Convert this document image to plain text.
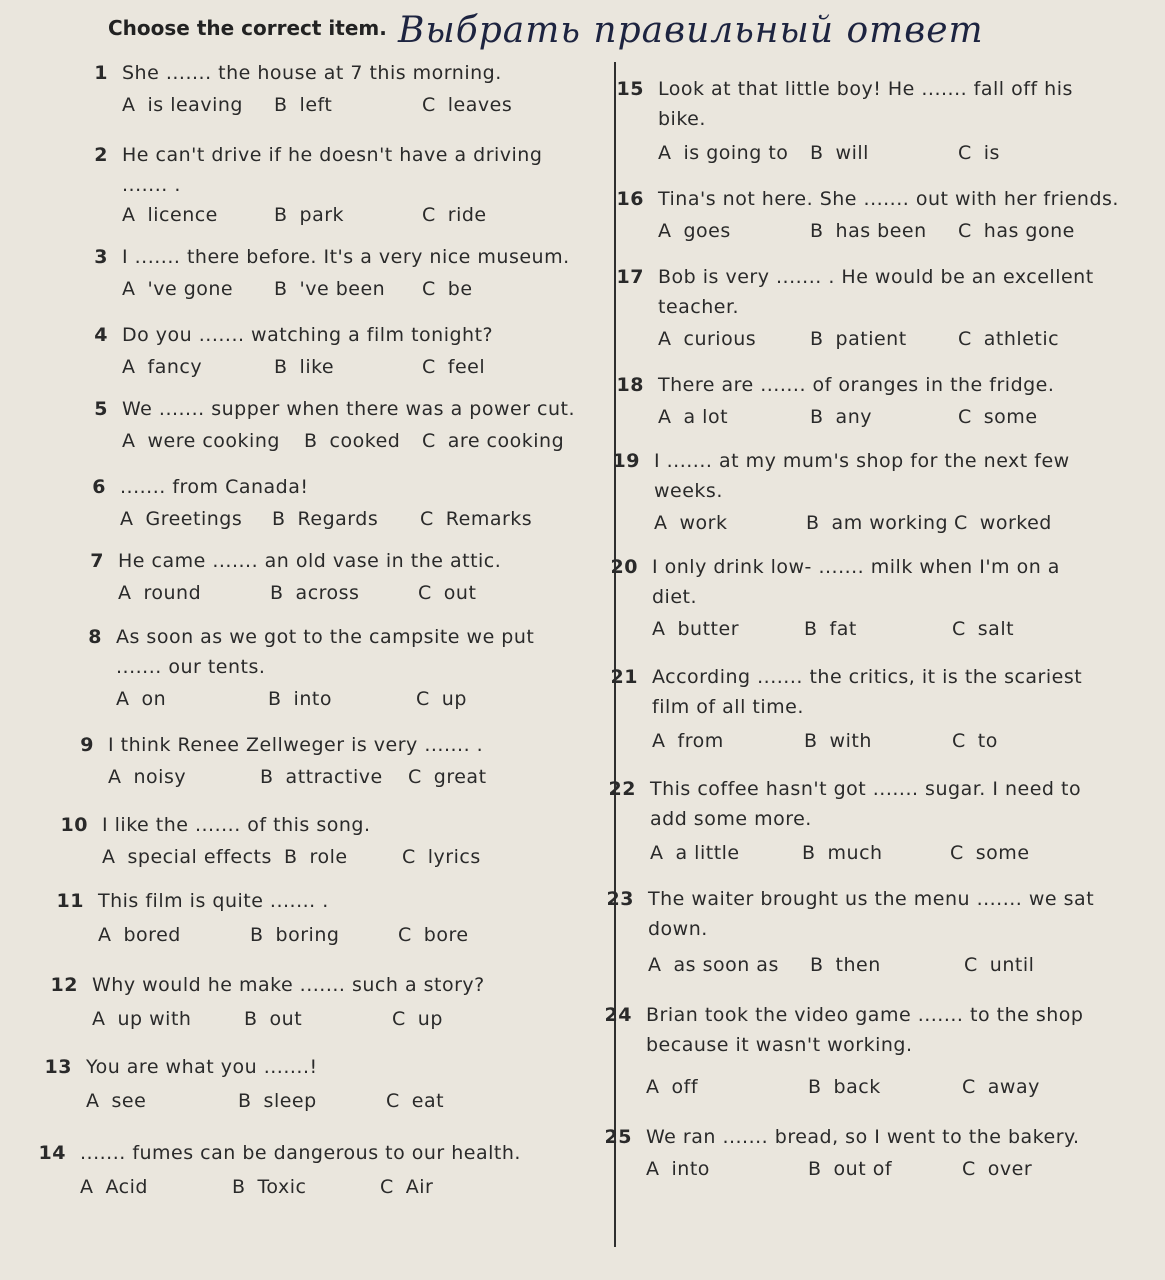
Choose the correct item. Выбрать правильный ответ
1 She ....... the house at 7 this morning.
A is leaving B left	C leaves
2 He can't drive if he doesn't have a driving
....... .
A licence	B park	C ride
3 I ....... there before. It's a very nice museum.
A 've gone B 've been C be
4 Do you ....... watching a film tonight?
A fancy	B like	C feel
5 We ....... supper when there was a power cut.
A were cooking B cooked C are cooking
6 ....... from Canada!
A Greetings B Regards C Remarks
7 He came ....... an old vase in the attic.
A round	B across	C out
8 As soon as we got to the campsite we put
....... our tents.
A on	B into	C up
9 I think Renee Zellweger is very ....... .
A noisy	B attractive C great
10 I like the ....... of this song.
A special effects B role	C lyrics
11 This film is quite ....... .
A bored	B boring	C bore
12 Why would he make ....... such a story?
A up with	B out	C up
13 You are what you .......!
A see	B sleep	C eat
14 ....... fumes can be dangerous to our health.
A Acid	B Toxic	C Air
15 Look at that little boy! He ....... fall off his
bike.
A is going to B will	C is
16 Tina's not here. She ....... out with her friends.
A goes	B has been C has gone
17 Bob is very ....... . He would be an excellent
teacher.
A curious	B patient	C athletic
18 There are ....... of oranges in the fridge.
A a lot	B any	C some
19 I ....... at my mum's shop for the next few
weeks.
A work	B am working C worked
20 I only drink low- ....... milk when I'm on a
diet.
A butter	B fat	C salt
21 According ....... the critics, it is the scariest
film of all time.
A from	B with	C to
22 This coffee hasn't got ....... sugar. I need to
add some more.
A a little	B much	C some
23 The waiter brought us the menu ....... we sat
down.
A as soon as B then	C until
24 Brian took the video game ....... to the shop
because it wasn't working.
A off	B back	C away
25 We ran ....... bread, so I went to the bakery.
A into	B out of	C over
